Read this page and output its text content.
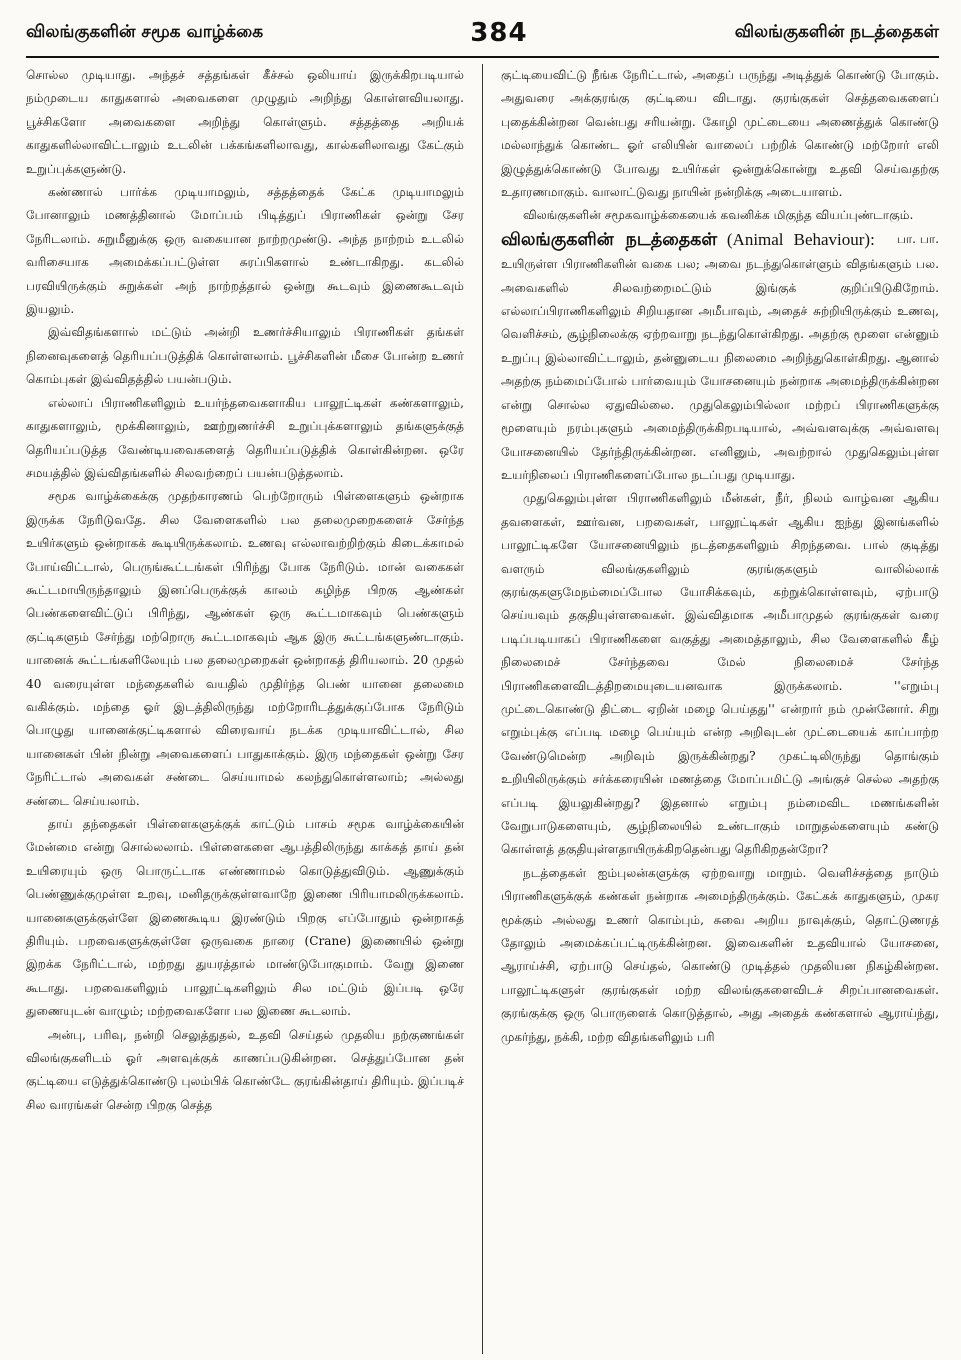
விலங்குகளின் சமூக வாழ்க்கை	384	விலங்குகளின் நடத்தைகள்

சொல்ல முடியாது. அந்தச் சத்தங்கள் கீச்சல் ஒலியாய் இருக்கிறபடியால் நம்முடைய காதுகளால் அவைகளை முழுதும் அறிந்து கொள்ளவியலாது. பூச்சிகளோ அவைகளை அறிந்து கொள்ளும். சத்தத்தை அறியக் காதுகளில்லாவிட்டாலும் உடலின் பக்கங்களிலாவது, கால்களிலாவது கேட்கும் உறுப்புக்களுண்டு.

கண்ணால் பார்க்க முடியாமலும், சத்தத்தைக் கேட்க முடியாமலும் போனாலும் மணத்தினால் மோப்பம் பிடித்துப் பிராணிகள் ஒன்று சேர நேரிடலாம். சுறுமீனுக்கு ஒரு வகையான நாற்றமுண்டு. அந்த நாற்றம் உடலில் வரிசையாக அமைக்கப்பட்டுள்ள சுரப்பிகளால் உண்டாகிறது. கடலில் பரவியிருக்கும் சுறுக்கள் அந் நாற்றத்தால் ஒன்று கூடவும் இணைகூடவும் இயலும்.

இவ்விதங்களால் மட்டும் அன்றி உணர்ச்சியாலும் பிராணிகள் தங்கள் நினைவுகளைத் தெரியப்படுத்திக் கொள்ளலாம். பூச்சிகளின் மீசை போன்ற உணர் கொம்புகள் இவ்விதத்தில் பயன்படும்.

எல்லாப் பிராணிகளிலும் உயர்ந்தவைகளாகிய பாலூட்டிகள் கண்களாலும், காதுகளாலும், மூக்கினாலும், ஊற்றுணர்ச்சி உறுப்புக்களாலும் தங்களுக்குத் தெரியப்படுத்த வேண்டியவைகளைத் தெரியப்படுத்திக் கொள்கின்றன. ஒரே சமயத்தில் இவ்விதங்களில் சிலவற்றைப் பயன்படுத்தலாம்.

சமூக வாழ்க்கைக்கு முதற்காரணம் பெற்றோரும் பிள்ளைகளும் ஒன்றாக இருக்க நேரிடுவதே. சில வேளைகளில் பல தலைமுறைகளைச் சேர்ந்த உயிர்களும் ஒன்றாகக் கூடியிருக்கலாம். உணவு எல்லாவற்றிற்கும் கிடைக்காமல் போய்விட்டால், பெருங்கூட்டங்கள் பிரிந்து போக நேரிடும். மான் வகைகள் கூட்டமாயிருந்தாலும் இனப்பெருக்குக் காலம் கழிந்த பிறகு ஆண்கள் பெண்களைவிட்டுப் பிரிந்து, ஆண்கள் ஒரு கூட்டமாகவும் பெண்களும் குட்டிகளும் சேர்ந்து மற்றொரு கூட்டமாகவும் ஆக இரு கூட்டங்களுண்டாகும். யானைக் கூட்டங்களிலேயும் பல தலைமுறைகள் ஒன்றாகத் திரியலாம். 20 முதல் 40 வரையுள்ள மந்தைகளில் வயதில் முதிர்ந்த பெண் யானை தலைமை வகிக்கும். மந்தை ஓர் இடத்திலிருந்து மற்றோரிடத்துக்குப்போக நேரிடும் பொழுது யானைக்குட்டிகளால் விரைவாய் நடக்க முடியாவிட்டால், சில யானைகள் பின் நின்று அவைகளைப் பாதுகாக்கும். இரு மந்தைகள் ஒன்று சேர நேரிட்டால் அவைகள் சண்டை செய்யாமல் கலந்துகொள்ளலாம்; அல்லது சண்டை செய்யலாம்.

தாய் தந்தைகள் பிள்ளைகளுக்குக் காட்டும் பாசம் சமூக வாழ்க்கையின் மேன்மை என்று சொல்லலாம். பிள்ளைகளை ஆபத்திலிருந்து காக்கத் தாய் தன் உயிரையும் ஒரு பொருட்டாக எண்ணாமல் கொடுத்துவிடும். ஆணுக்கும் பெண்ணுக்குமுள்ள உறவு, மனிதருக்குள்ளவாறே இணை பிரியாமலிருக்கலாம். யானைகளுக்குள்ளே இணைகூடிய இரண்டும் பிறகு எப்போதும் ஒன்றாகத் திரியும். பறவைகளுக்குள்ளே ஒருவகை நாரை (Crane) இணையில் ஒன்று இறக்க நேரிட்டால், மற்றது துயரத்தால் மாண்டுபோகுமாம். வேறு இணை கூடாது. பறவைகளிலும் பாலூட்டிகளிலும் சில மட்டும் இப்படி ஒரே துணையுடன் வாழும்; மற்றவைகளோ பல இணை கூடலாம்.

அன்பு, பரிவு, நன்றி செலுத்துதல், உதவி செய்தல் முதலிய நற்குணங்கள் விலங்குகளிடம் ஓர் அளவுக்குக் காணப்படுகின்றன. செத்துப்போன தன் குட்டியை எடுத்துக்கொண்டு புலம்பிக் கொண்டே குரங்கின்தாய் திரியும். இப்படிச் சில வாரங்கள் சென்ற பிறகு செத்த

குட்டியைவிட்டு நீங்க நேரிட்டால், அதைப் பருந்து அடித்துக் கொண்டு போகும். அதுவரை அக்குரங்கு குட்டியை விடாது. குரங்குகள் செத்தவைகளைப் புதைக்கின்றன வென்பது சரியன்று. கோழி முட்டையை அணைத்துக் கொண்டு மல்லாந்துக் கொண்ட ஓர் எலியின் வாலைப் பற்றிக் கொண்டு மற்றோர் எலி இழுத்துக்கொண்டு போவது உயிர்கள் ஒன்றுக்கொன்று உதவி செய்வதற்கு உதாரணமாகும். வாலாட்டுவது நாயின் நன்றிக்கு அடையாளம்.

விலங்குகளின் சமூகவாழ்க்கையைக் கவனிக்க மிகுந்த வியப்புண்டாகும்.
பா. பா.

விலங்குகளின் நடத்தைகள் (Animal Behaviour): உயிருள்ள பிராணிகளின் வகை பல; அவை நடந்துகொள்ளும் விதங்களும் பல. அவைகளில் சிலவற்றைமட்டும் இங்குக் குறிப்பிடுகிறோம். எல்லாப்பிராணிகளிலும் சிறியதான அமீபாவும், அதைச் சுற்றியிருக்கும் உணவு, வெளிச்சம், சூழ்நிலைக்கு ஏற்றவாறு நடந்துகொள்கிறது. அதற்கு மூளை என்னும் உறுப்பு இல்லாவிட்டாலும், தன்னுடைய நிலைமை அறிந்துகொள்கிறது. ஆனால் அதற்கு நம்மைப்போல் பார்வையும் யோசனையும் நன்றாக அமைந்திருக்கின்றன என்று சொல்ல ஏதுவில்லை. முதுகெலும்பில்லா மற்றப் பிராணிகளுக்கு மூளையும் நரம்புகளும் அமைந்திருக்கிறபடியால், அவ்வளவுக்கு அவ்வளவு யோசனையில் தேர்ந்திருக்கின்றன. எனினும், அவற்றால் முதுகெலும்புள்ள உயர்நிலைப் பிராணிகளைப்போல நடப்பது முடியாது.

முதுகெலும்புள்ள பிராணிகளிலும் மீன்கள், நீர், நிலம் வாழ்வன ஆகிய தவளைகள், ஊர்வன, பறவைகள், பாலூட்டிகள் ஆகிய ஐந்து இனங்களில் பாலூட்டிகளே யோசனையிலும் நடத்தைகளிலும் சிறந்தவை. பால் குடித்து வளரும் விலங்குகளிலும் குரங்குகளும் வாலில்லாக் குரங்குகளுமேநம்மைப்போல யோசிக்கவும், கற்றுக்கொள்ளவும், ஏற்பாடு செய்யவும் தகுதியுள்ளவைகள். இவ்விதமாக அமீபாமுதல் குரங்குகள் வரை படிப்படியாகப் பிராணிகளை வகுத்து அமைத்தாலும், சில வேளைகளில் கீழ் நிலைமைச் சேர்ந்தவை மேல் நிலைமைச் சேர்ந்த பிராணிகளைவிடத்திறமையுடையனவாக இருக்கலாம். ''எறும்பு முட்டைகொண்டு திட்டை ஏறின் மழை பெய்தது'' என்றார் நம் முன்னோர். சிறு எறும்புக்கு எப்படி மழை பெய்யும் என்ற அறிவுடன் முட்டையைக் காப்பாற்ற வேண்டுமென்ற அறிவும் இருக்கின்றது? முகட்டிலிருந்து தொங்கும் உறியிலிருக்கும் சர்க்கரையின் மணத்தை மோப்பமிட்டு அங்குச் செல்ல அதற்கு எப்படி இயலுகின்றது? இதனால் எறும்பு நம்மைவிட மணங்களின் வேறுபாடுகளையும், சூழ்நிலையில் உண்டாகும் மாறுதல்களையும் கண்டு கொள்ளத் தகுதியுள்ளதாயிருக்கிறதென்பது தெரிகிறதன்றோ?

நடத்தைகள் ஐம்புலன்களுக்கு ஏற்றவாறு மாறும். வெளிச்சத்தை நாடும் பிராணிகளுக்குக் கண்கள் நன்றாக அமைந்திருக்கும். கேட்கக் காதுகளும், முகர மூக்கும் அல்லது உணர் கொம்பும், சுவை அறிய நாவுக்கும், தொட்டுணரத் தோலும் அமைக்கப்பட்டிருக்கின்றன. இவைகளின் உதவியால் யோசனை, ஆராய்ச்சி, ஏற்பாடு செய்தல், கொண்டு முடித்தல் முதலியன நிகழ்கின்றன. பாலூட்டிகளுள் குரங்குகள் மற்ற விலங்குகளைவிடச் சிறப்பானவைகள். குரங்குக்கு ஒரு பொருளைக் கொடுத்தால், அது அதைக் கண்களால் ஆராய்ந்து, முகர்ந்து, நக்கி, மற்ற விதங்களிலும் பரி
